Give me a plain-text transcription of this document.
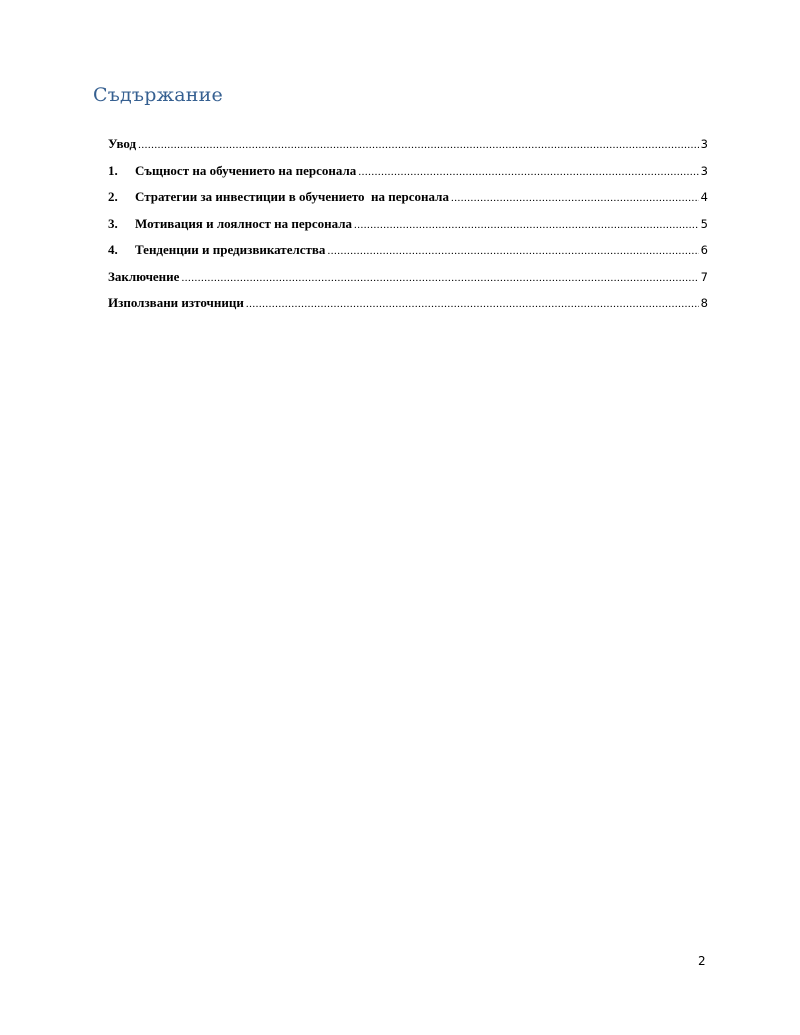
Съдържание
Увод .....	3
1.	Същност на обучението на персонала .....	3
2.	Стратегии за инвестиции в обучението  на персонала .....	4
3.	Мотивация и лоялност на персонала .....	5
4.	Тенденции и предизвикателства .....	6
Заключение .....	7
Използвани източници .....	8
2
